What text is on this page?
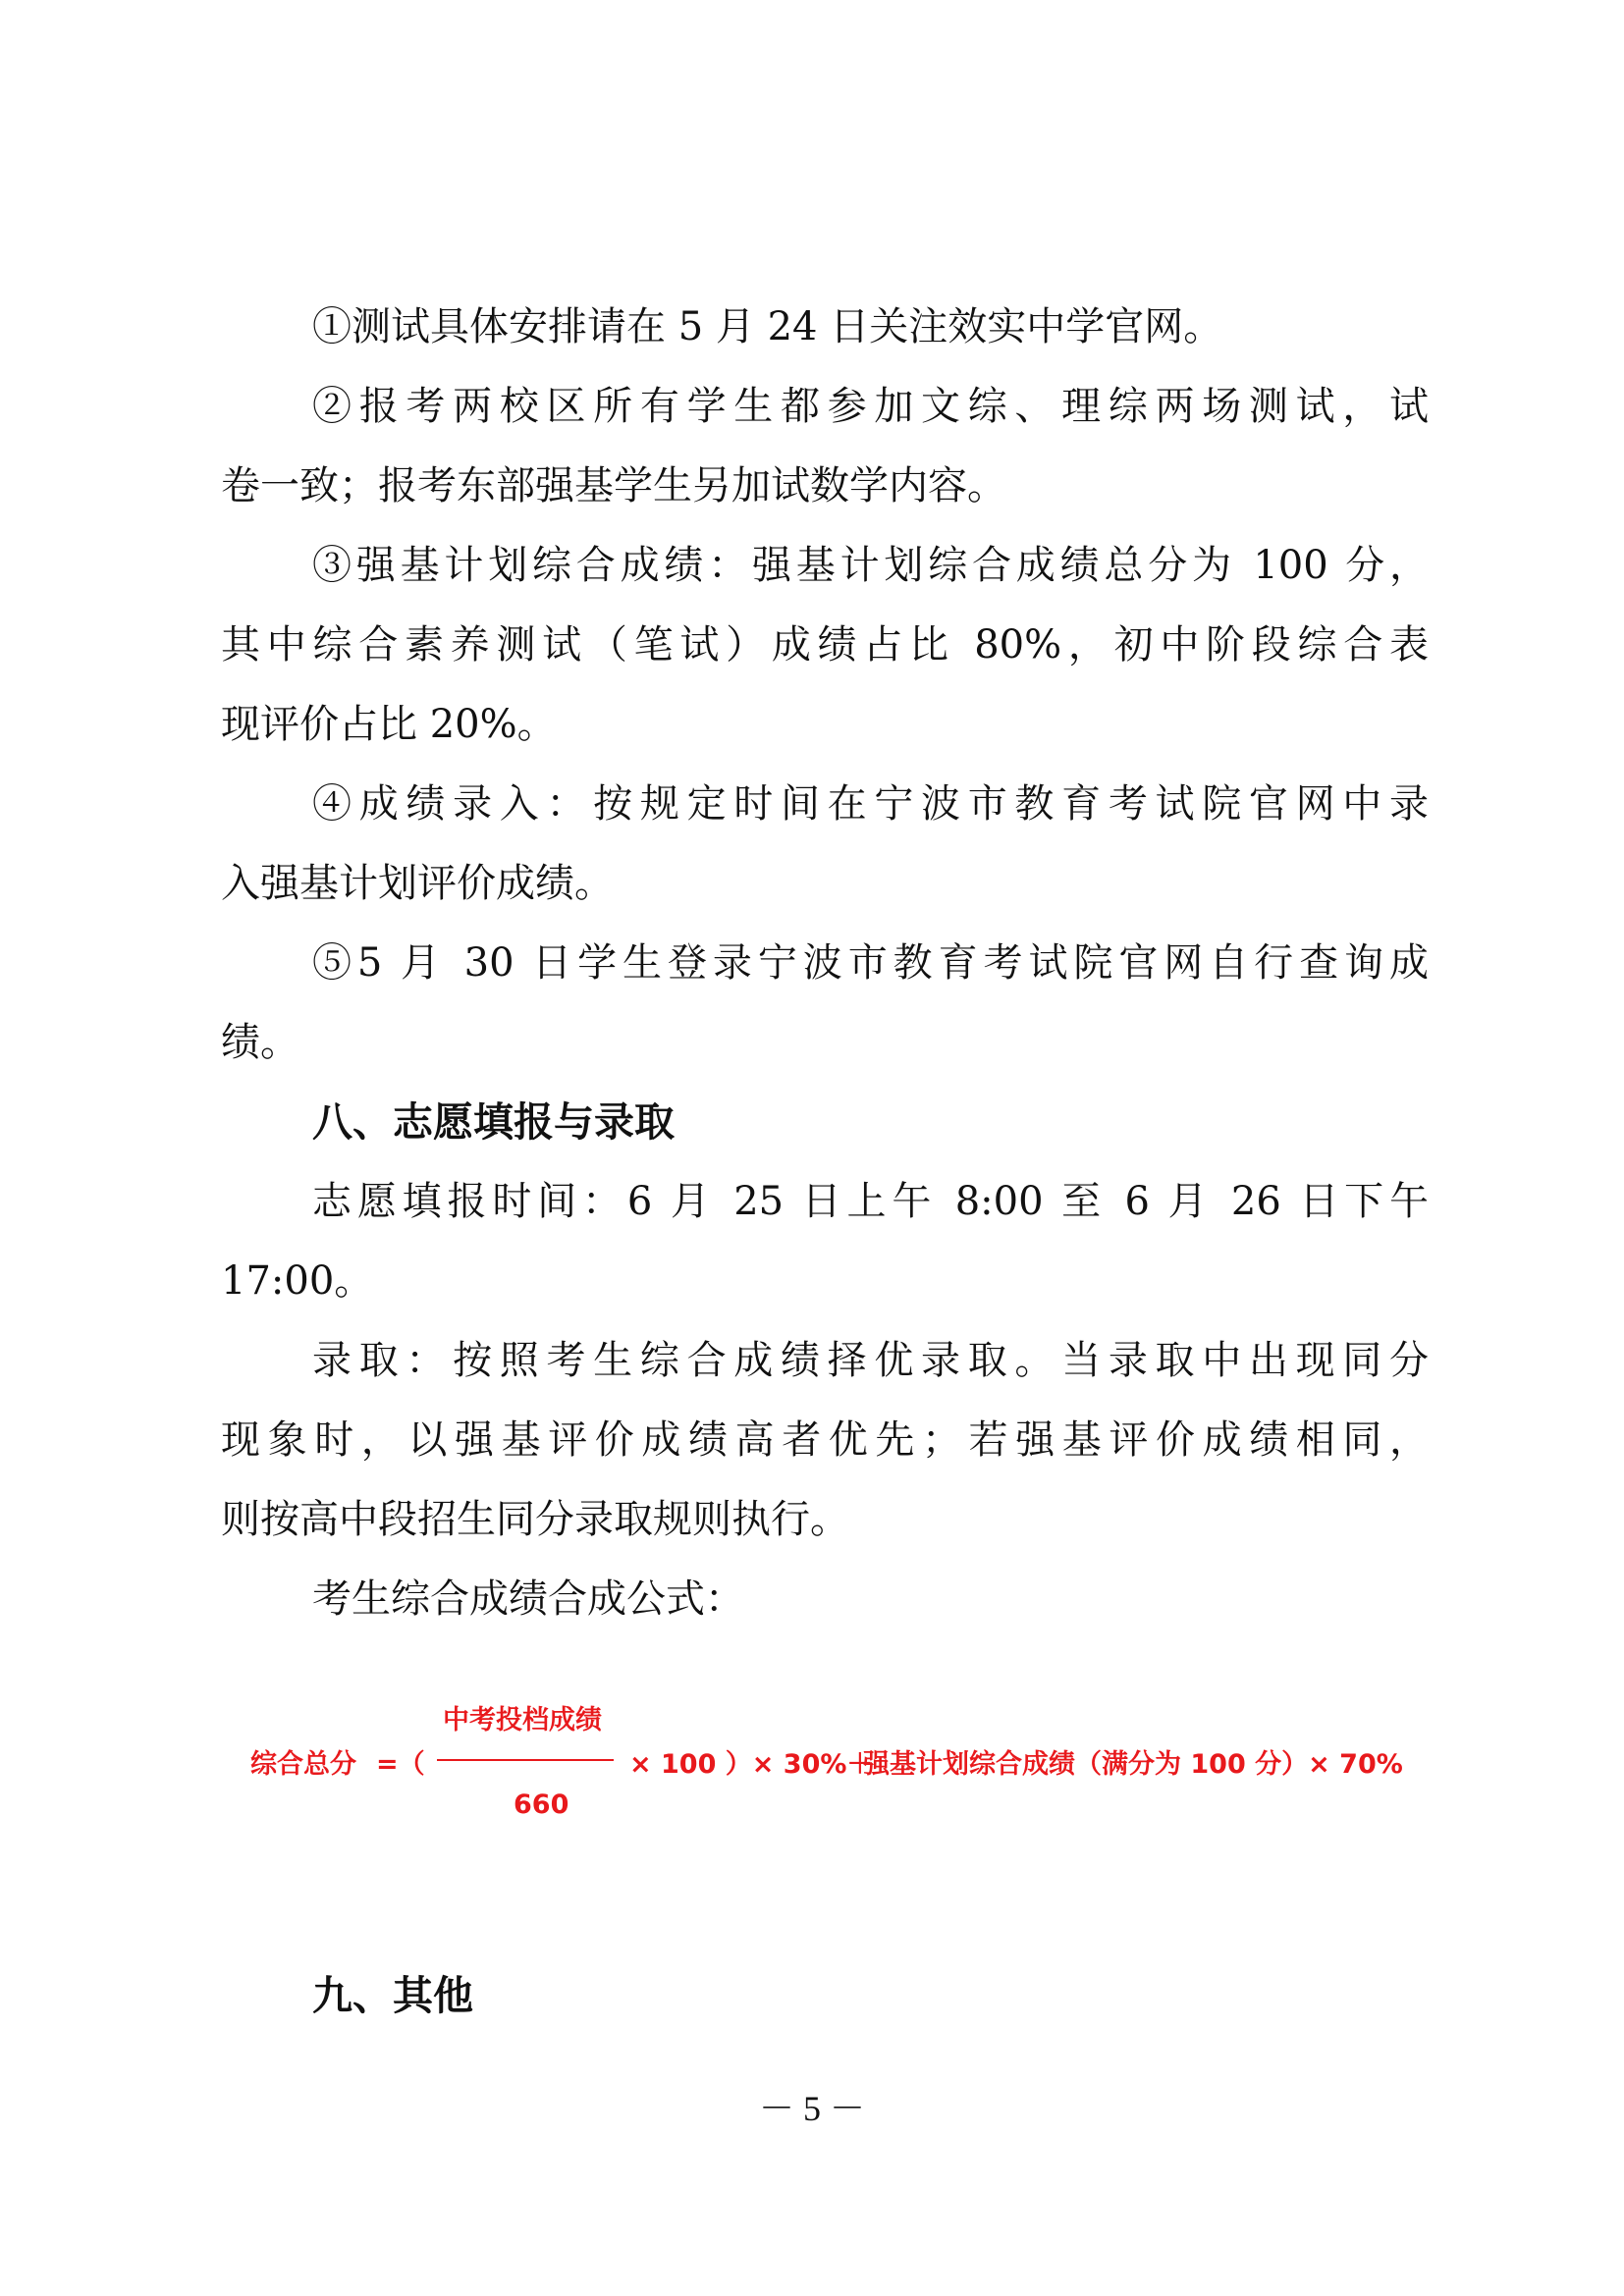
①测试具体安排请在 5 月 24 日关注效实中学官网。
②报考两校区所有学生都参加文综、理综两场测试，试
卷一致；报考东部强基学生另加试数学内容。
③强基计划综合成绩：强基计划综合成绩总分为 100 分，
其中综合素养测试（笔试）成绩占比 80%，初中阶段综合表
现评价占比 20%。
④成绩录入：按规定时间在宁波市教育考试院官网中录
入强基计划评价成绩。
⑤5 月 30 日学生登录宁波市教育考试院官网自行查询成
绩。
八、志愿填报与录取
志愿填报时间：6 月 25 日上午 8:00 至 6 月 26 日下午
17:00。
录取：按照考生综合成绩择优录取。当录取中出现同分
现象时，以强基评价成绩高者优先；若强基评价成绩相同，
则按高中段招生同分录取规则执行。
考生综合成绩合成公式：
综合总分 =（
中考投档成绩
660
× 100 ）× 30%＋
强基计划综合成绩（满分为 100 分）× 70%
九、其他
－ 5 －
